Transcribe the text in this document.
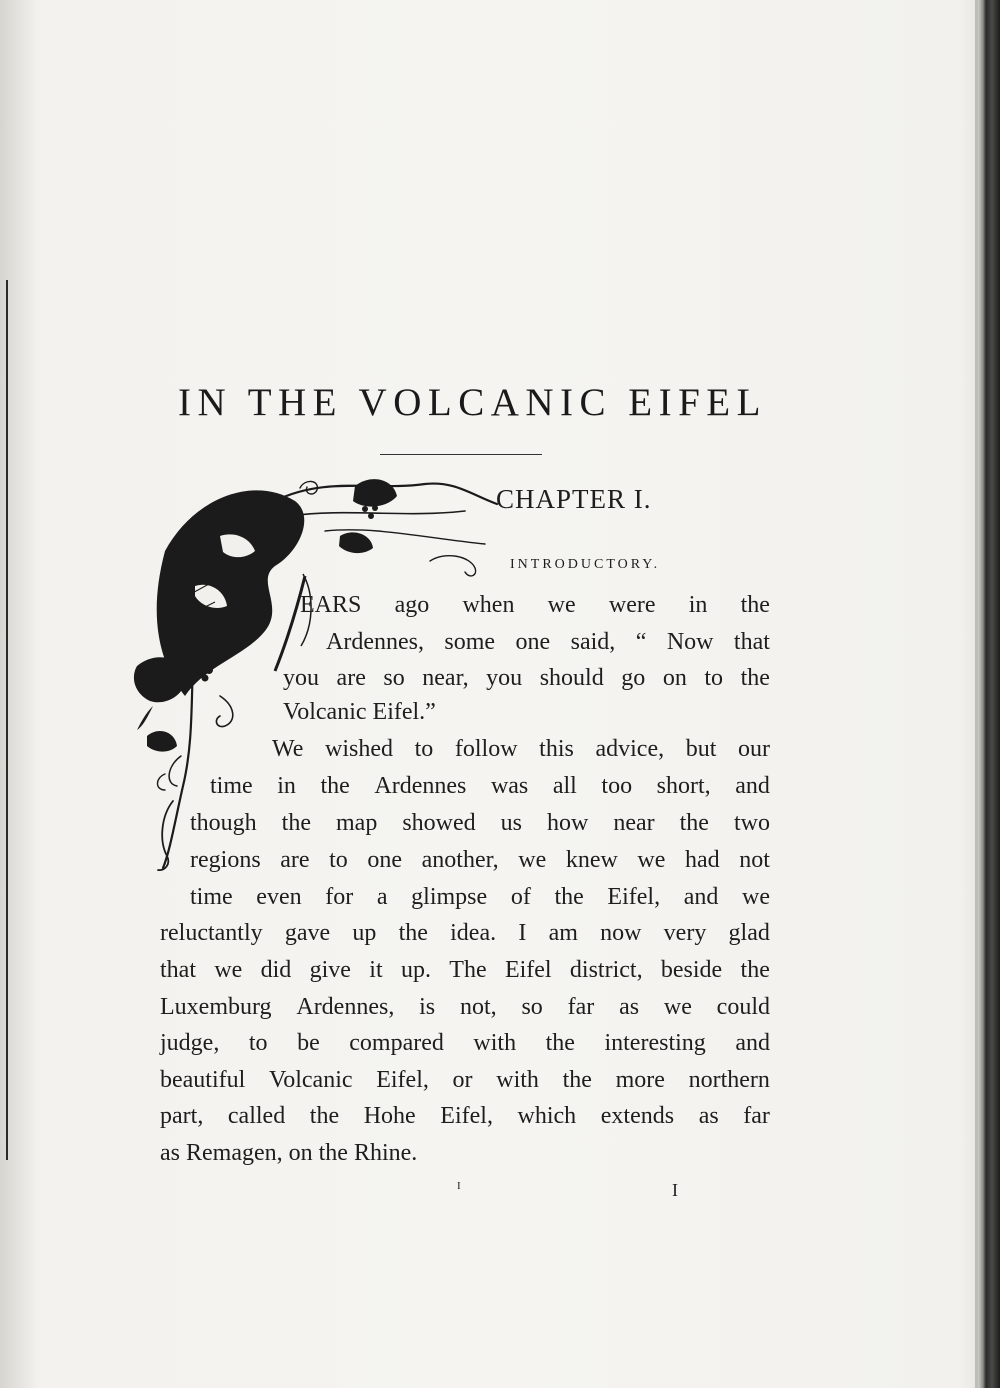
IN THE VOLCANIC EIFEL
CHAPTER I.
INTRODUCTORY.
EARS ago when we were in the
Ardennes, some one said, “ Now that
you are so near, you should go on to the
Volcanic Eifel.”
We wished to follow this advice, but our
time in the Ardennes was all too short, and
though the map showed us how near the two
regions are to one another, we knew we had not
time even for a glimpse of the Eifel, and we
reluctantly gave up the idea. I am now very glad
that we did give it up. The Eifel district, beside the
Luxemburg Ardennes, is not, so far as we could
judge, to be compared with the interesting and
beautiful Volcanic Eifel, or with the more northern
part, called the Hohe Eifel, which extends as far
as Remagen, on the Rhine.
I	I
